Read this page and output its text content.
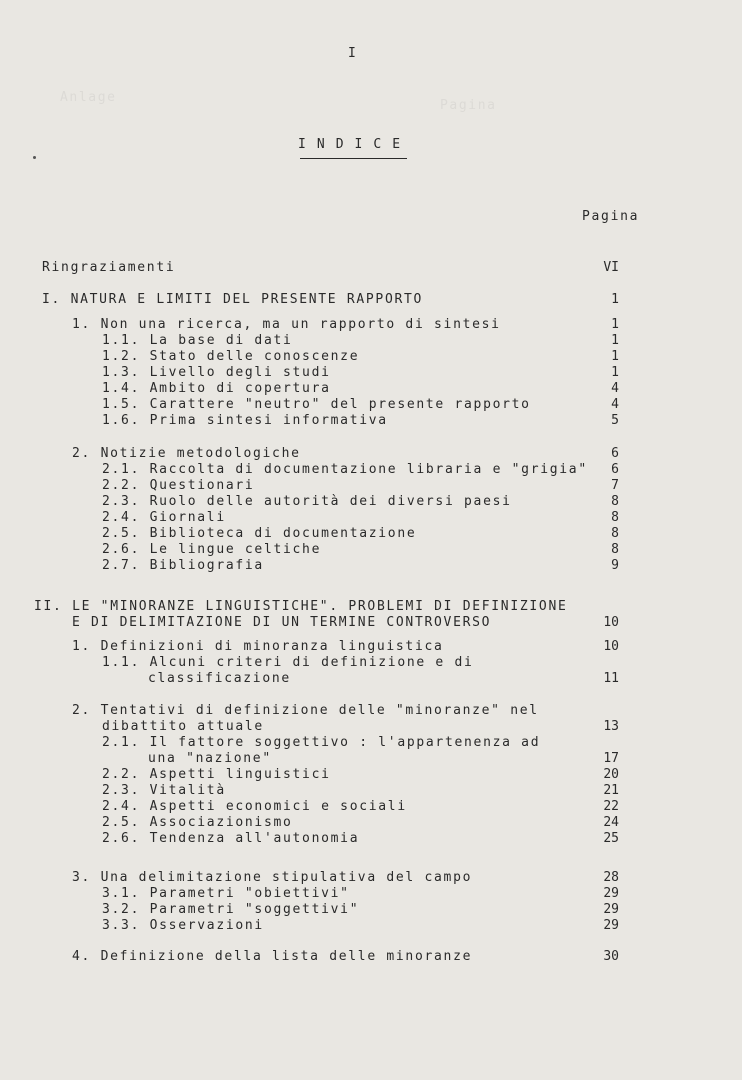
Pagina
Anlage
I
I N D I C E
Pagina
Ringraziamenti	VI
I. NATURA E LIMITI DEL PRESENTE RAPPORTO	1
1. Non una ricerca, ma un rapporto di sintesi	1
1.1. La base di dati	1
1.2. Stato delle conoscenze	1
1.3. Livello degli studi	1
1.4. Ambito di copertura	4
1.5. Carattere "neutro" del presente rapporto	4
1.6. Prima sintesi informativa	5
2. Notizie metodologiche	6
2.1. Raccolta di documentazione libraria e "grigia" 6
2.2. Questionari	7
2.3. Ruolo delle autorità dei diversi paesi	8
2.4. Giornali	8
2.5. Biblioteca di documentazione	8
2.6. Le lingue celtiche	8
2.7. Bibliografia	9
II. LE "MINORANZE LINGUISTICHE". PROBLEMI DI DEFINIZIONE
E DI DELIMITAZIONE DI UN TERMINE CONTROVERSO	10
1. Definizioni di minoranza linguistica	10
1.1. Alcuni criteri di definizione e di
classificazione	11
2. Tentativi di definizione delle "minoranze" nel
dibattito attuale	13
2.1. Il fattore soggettivo : l'appartenenza ad
una "nazione"	17
2.2. Aspetti linguistici	20
2.3. Vitalità	21
2.4. Aspetti economici e sociali	22
2.5. Associazionismo	24
2.6. Tendenza all'autonomia	25
3. Una delimitazione stipulativa del campo	28
3.1. Parametri "obiettivi"	29
3.2. Parametri "soggettivi"	29
3.3. Osservazioni	29
4. Definizione della lista delle minoranze	30
